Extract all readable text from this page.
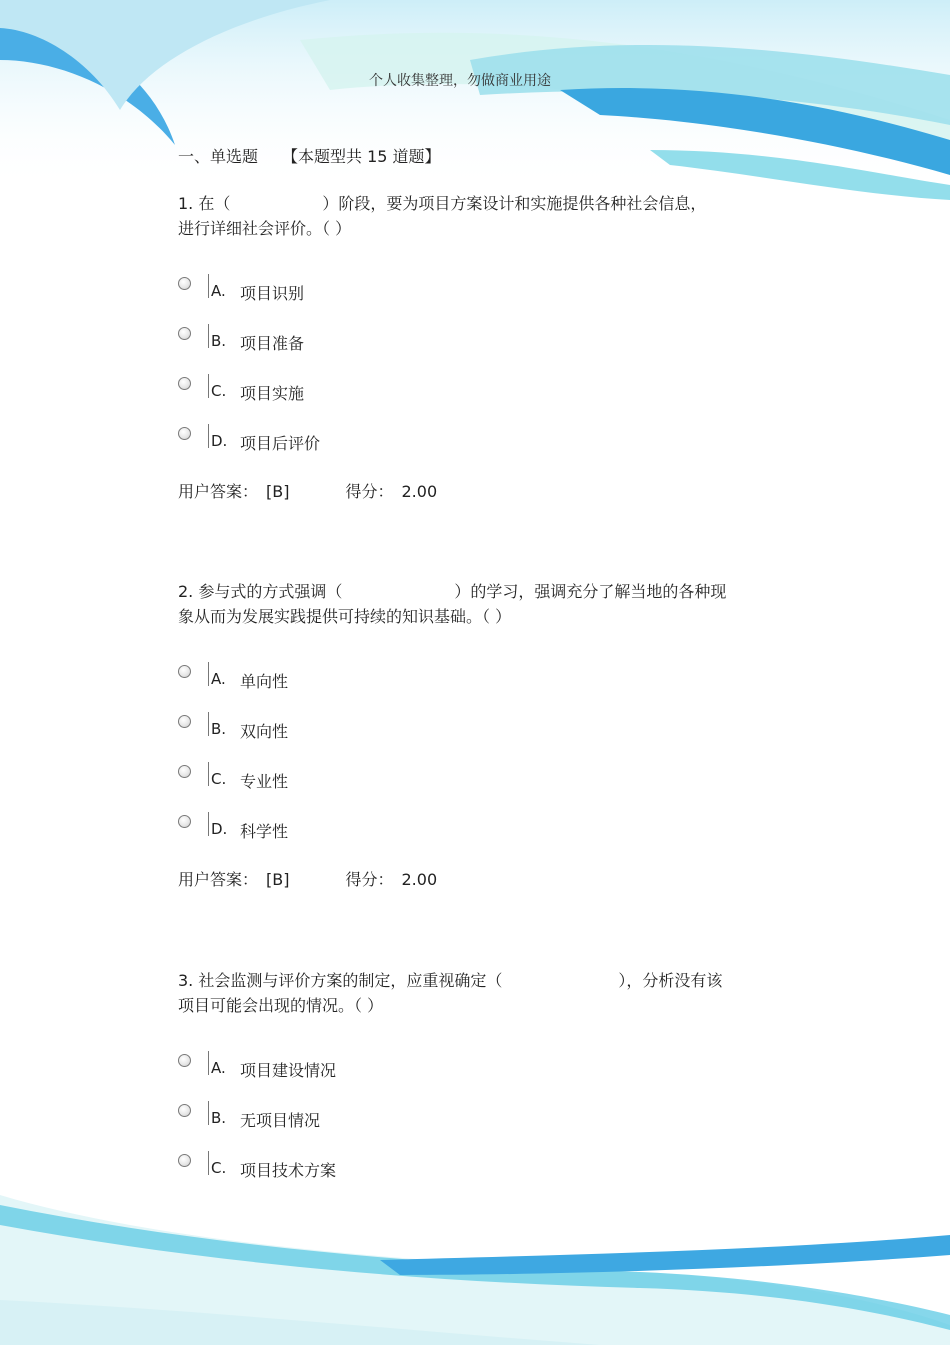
个人收集整理，勿做商业用途
一、单选题 【本题型共 15 道题】
1. 在（	）阶段，要为项目方案设计和实施提供各种社会信息，
进行详细社会评价。（ ）
A. 项目识别
B. 项目准备
C. 项目实施
D. 项目后评价
用户答案： [B]	得分： 2.00
2. 参与式的方式强调（	）的学习，强调充分了解当地的各种现
象从而为发展实践提供可持续的知识基础。（ ）
A. 单向性
B. 双向性
C. 专业性
D. 科学性
用户答案： [B]	得分： 2.00
3. 社会监测与评价方案的制定，应重视确定（	），分析没有该
项目可能会出现的情况。（ ）
A. 项目建设情况
B. 无项目情况
C. 项目技术方案
